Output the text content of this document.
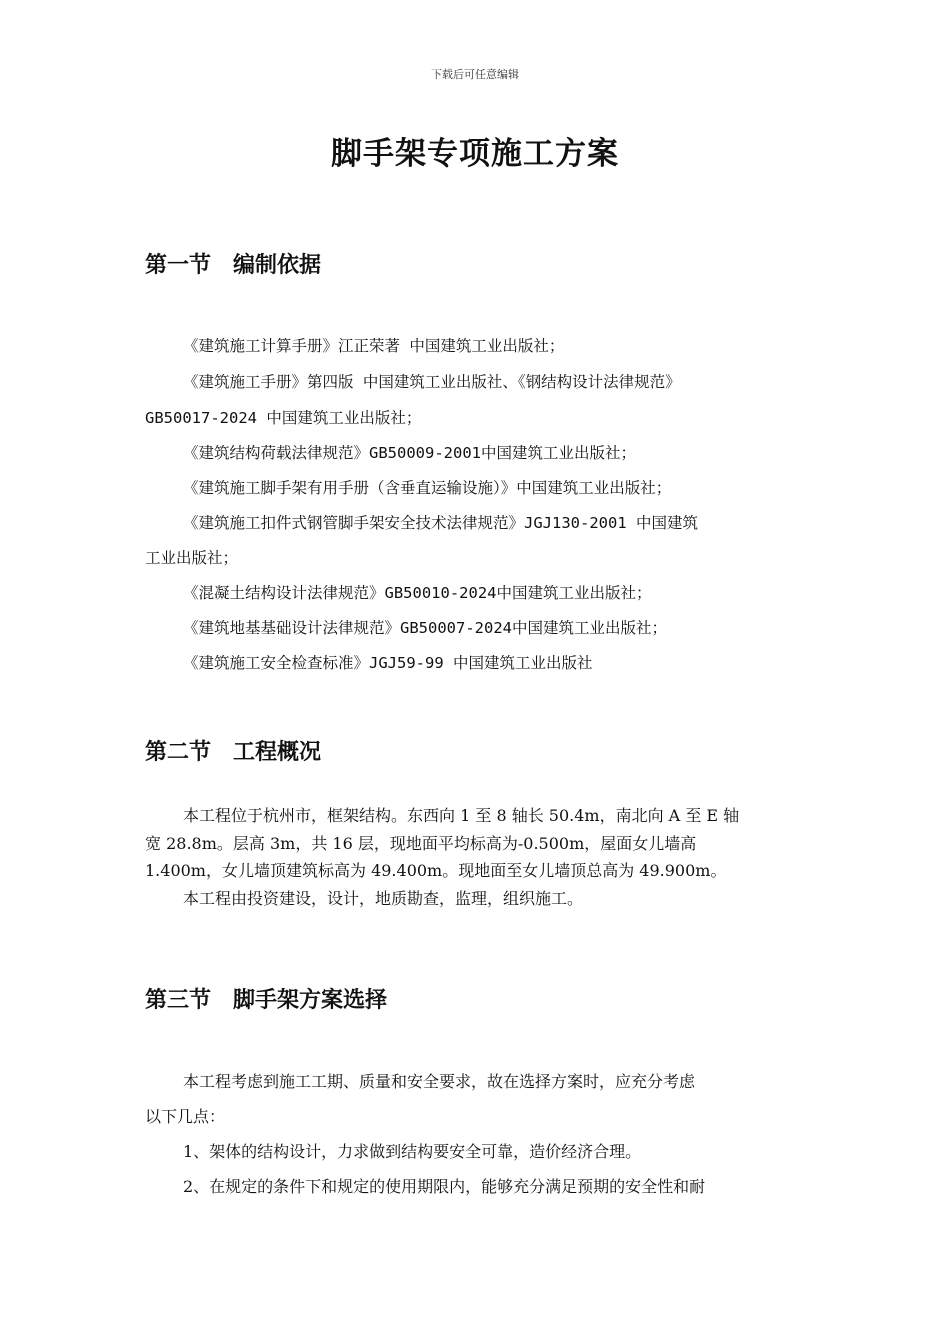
下载后可任意编辑
脚手架专项施工方案
第一节　编制依据
《建筑施工计算手册》江正荣著 中国建筑工业出版社；
《建筑施工手册》第四版 中国建筑工业出版社、《钢结构设计法律规范》
GB50017-2024 中国建筑工业出版社；
《建筑结构荷载法律规范》GB50009-2001中国建筑工业出版社；
《建筑施工脚手架有用手册（含垂直运输设施）》中国建筑工业出版社；
《建筑施工扣件式钢管脚手架安全技术法律规范》JGJ130-2001 中国建筑
工业出版社；
《混凝土结构设计法律规范》GB50010-2024中国建筑工业出版社；
《建筑地基基础设计法律规范》GB50007-2024中国建筑工业出版社；
《建筑施工安全检查标准》JGJ59-99 中国建筑工业出版社
第二节　工程概况
本工程位于杭州市，框架结构。东西向 1 至 8 轴长 50.4m，南北向 A 至 E 轴
宽 28.8m。层高 3m，共 16 层，现地面平均标高为-0.500m，屋面女儿墙高
1.400m，女儿墙顶建筑标高为 49.400m。现地面至女儿墙顶总高为 49.900m。
本工程由投资建设，设计，地质勘查，监理，组织施工。
第三节　脚手架方案选择
本工程考虑到施工工期、质量和安全要求，故在选择方案时，应充分考虑
以下几点：
1、架体的结构设计，力求做到结构要安全可靠，造价经济合理。
2、在规定的条件下和规定的使用期限内，能够充分满足预期的安全性和耐
